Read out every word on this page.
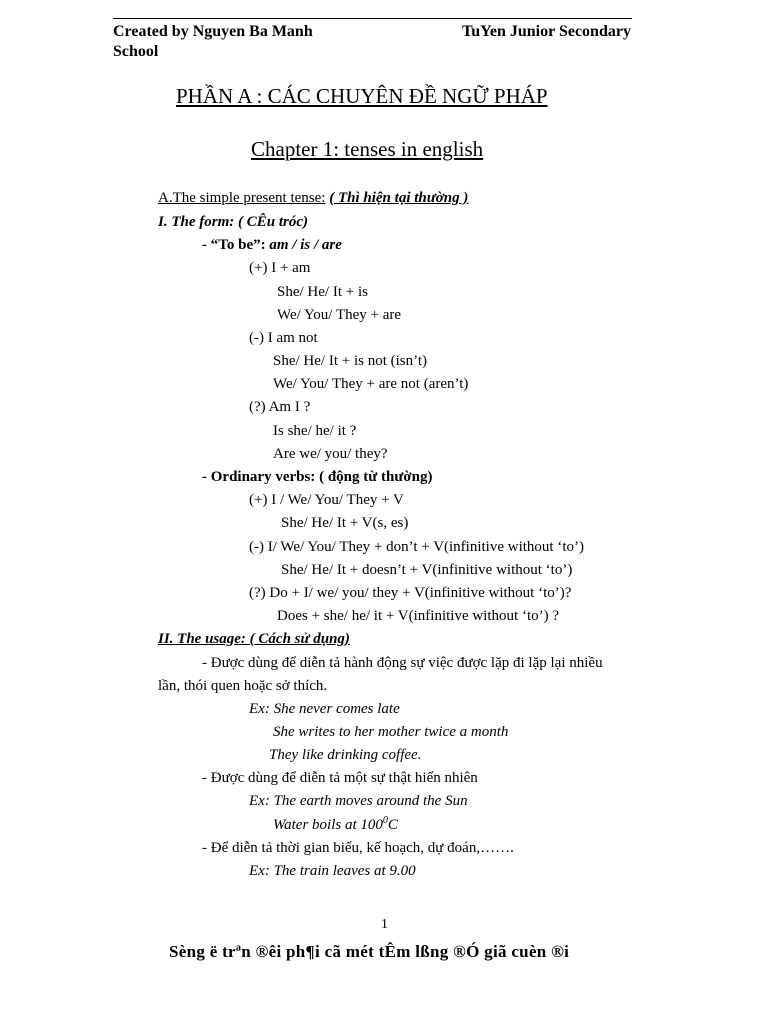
Created by Nguyen Ba Manh	TuYen Junior Secondary
School
PHẦN A : CÁC CHUYÊN ĐỀ NGỮ PHÁP
Chapter 1: tenses in english
A.The simple present tense: ( Thì hiện tại thường )
I. The form: ( CÊu tróc)
- “To be”: am / is / are
(+) I + am
She/ He/ It + is
We/ You/ They + are
(-) I am not
She/ He/ It + is not (isn’t)
We/ You/ They + are not (aren’t)
(?) Am I ?
Is she/ he/ it ?
Are we/ you/ they?
- Ordinary verbs: ( động từ thường)
(+) I / We/ You/ They + V
She/ He/ It + V(s, es)
(-) I/ We/ You/ They + don’t + V(infinitive without ‘to’)
She/ He/ It + doesn’t + V(infinitive without ‘to’)
(?) Do + I/ we/ you/ they + V(infinitive without ‘to’)?
Does + she/ he/ it + V(infinitive without ‘to’) ?
II. The usage: ( Cách sử dụng)
- Được dùng để diễn tả hành động sự việc được lặp đi lặp lại nhiều
lần, thói quen hoặc sở thích.
Ex: She never comes late
She writes to her mother twice a month
They like drinking coffee.
- Được dùng để diễn tả một sự thật hiển nhiên
Ex: The earth moves around the Sun
Water boils at $100^0C$
- Để diễn tả thời gian biểu, kế hoạch, dự đoán,…….
Ex: The train leaves at 9.00
1
Sèng ë trªn ®êi ph¶i cã mét tÊm lßng ®Ó giã cuèn ®i
